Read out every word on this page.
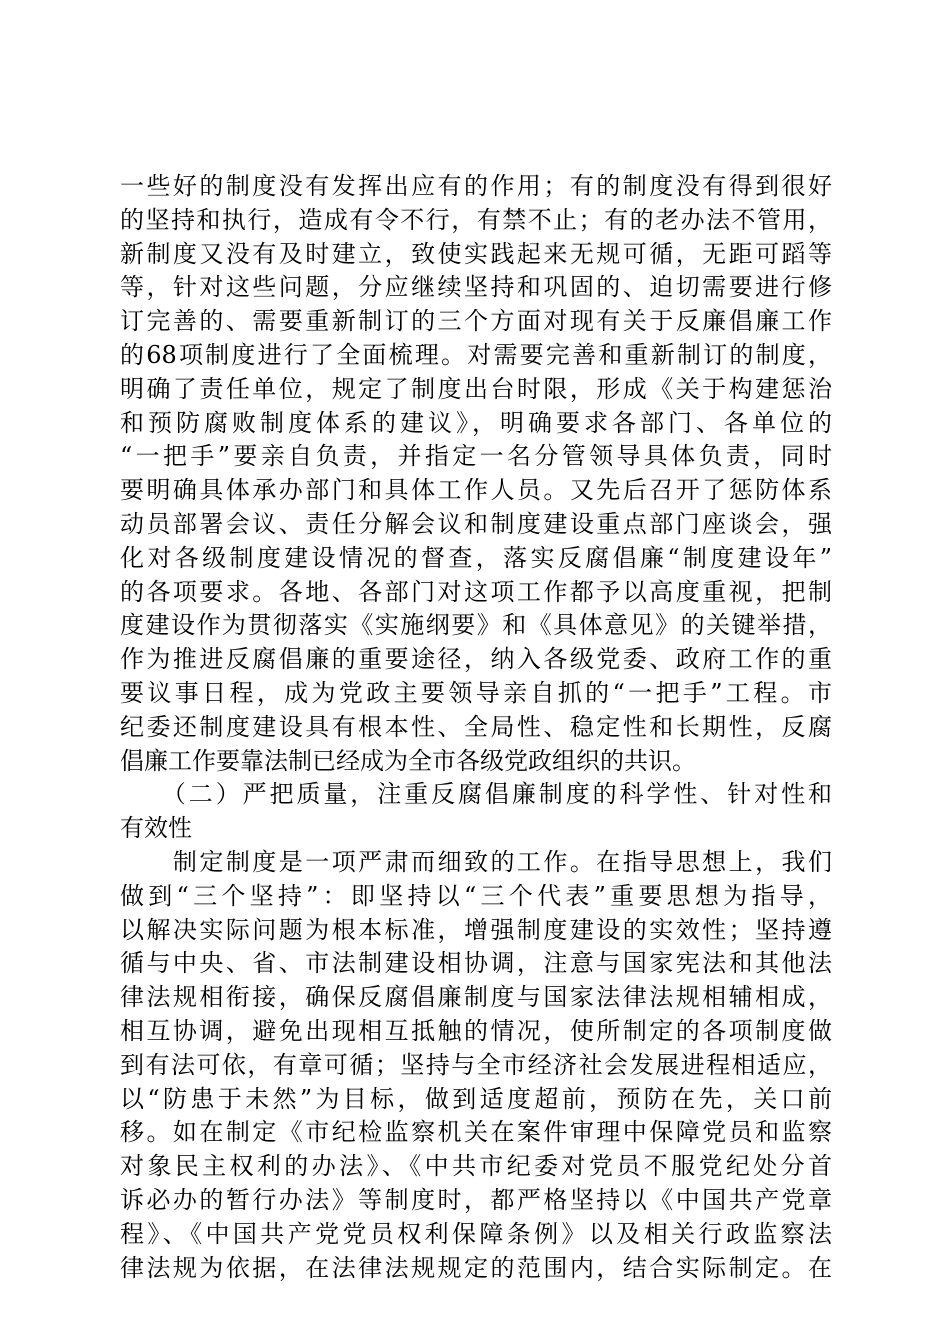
一些好的制度没有发挥出应有的作用；有的制度没有得到很好
的坚持和执行，造成有令不行，有禁不止；有的老办法不管用，
新制度又没有及时建立，致使实践起来无规可循，无距可蹈等
等，针对这些问题，分应继续坚持和巩固的、迫切需要进行修
订完善的、需要重新制订的三个方面对现有关于反廉倡廉工作
的68项制度进行了全面梳理。对需要完善和重新制订的制度，
明确了责任单位，规定了制度出台时限，形成《关于构建惩治
和预防腐败制度体系的建议》，明确要求各部门、各单位的
“一把手”要亲自负责，并指定一名分管领导具体负责，同时
要明确具体承办部门和具体工作人员。又先后召开了惩防体系
动员部署会议、责任分解会议和制度建设重点部门座谈会，强
化对各级制度建设情况的督查，落实反腐倡廉“制度建设年”
的各项要求。各地、各部门对这项工作都予以高度重视，把制
度建设作为贯彻落实《实施纲要》和《具体意见》的关键举措，
作为推进反腐倡廉的重要途径，纳入各级党委、政府工作的重
要议事日程，成为党政主要领导亲自抓的“一把手”工程。市
纪委还制度建设具有根本性、全局性、稳定性和长期性，反腐
倡廉工作要靠法制已经成为全市各级党政组织的共识。
　　（二）严把质量，注重反腐倡廉制度的科学性、针对性和
有效性
　　制定制度是一项严肃而细致的工作。在指导思想上，我们
做到“三个坚持”：即坚持以“三个代表”重要思想为指导，
以解决实际问题为根本标准，增强制度建设的实效性；坚持遵
循与中央、省、市法制建设相协调，注意与国家宪法和其他法
律法规相衔接，确保反腐倡廉制度与国家法律法规相辅相成，
相互协调，避免出现相互抵触的情况，使所制定的各项制度做
到有法可依，有章可循；坚持与全市经济社会发展进程相适应，
以“防患于未然”为目标，做到适度超前，预防在先，关口前
移。如在制定《市纪检监察机关在案件审理中保障党员和监察
对象民主权利的办法》、《中共市纪委对党员不服党纪处分首
诉必办的暂行办法》等制度时，都严格坚持以《中国共产党章
程》、《中国共产党党员权利保障条例》以及相关行政监察法
律法规为依据，在法律法规规定的范围内，结合实际制定。在
